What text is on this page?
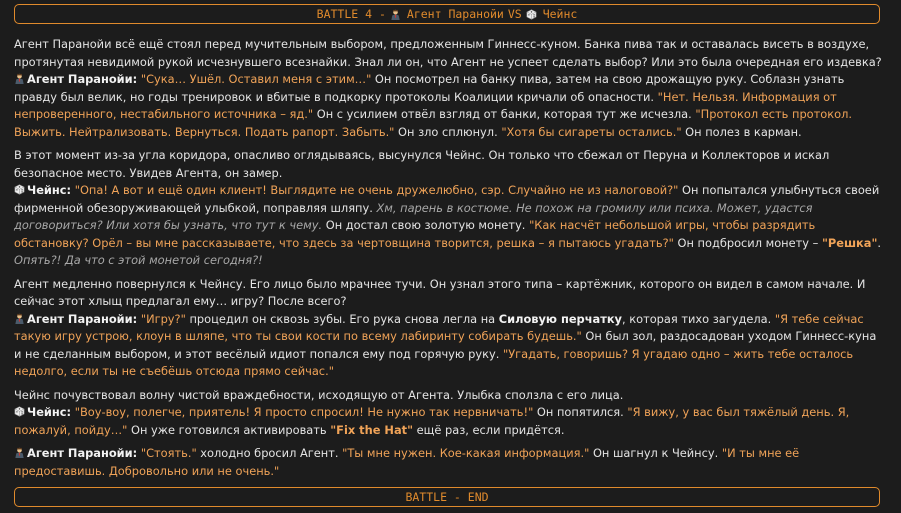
BATTLE 4 - Агент Паранойи VS Чейнс
Агент Паранойи всё ещё стоял перед мучительным выбором, предложенным Гиннесс-куном. Банка пива так и оставалась висеть в воздухе, протянутая невидимой рукой исчезнувшего всезнайки. Знал ли он, что Агент не успеет сделать выбор? Или это была очередная его издевка?
Агент Паранойи: "Сука… Ушёл. Оставил меня с этим…" Он посмотрел на банку пива, затем на свою дрожащую руку. Соблазн узнать правду был велик, но годы тренировок и вбитые в подкорку протоколы Коалиции кричали об опасности. "Нет. Нельзя. Информация от непроверенного, нестабильного источника – яд." Он с усилием отвёл взгляд от банки, которая тут же исчезла. "Протокол есть протокол. Выжить. Нейтрализовать. Вернуться. Подать рапорт. Забыть." Он зло сплюнул. "Хотя бы сигареты остались." Он полез в карман.
В этот момент из-за угла коридора, опасливо оглядываясь, высунулся Чейнс. Он только что сбежал от Перуна и Коллекторов и искал безопасное место. Увидев Агента, он замер.
Чейнс: "Опа! А вот и ещё один клиент! Выглядите не очень дружелюбно, сэр. Случайно не из налоговой?" Он попытался улыбнуться своей фирменной обезоруживающей улыбкой, поправляя шляпу. Хм, парень в костюме. Не похож на громилу или психа. Может, удастся договориться? Или хотя бы узнать, что тут к чему. Он достал свою золотую монету. "Как насчёт небольшой игры, чтобы разрядить обстановку? Орёл – вы мне рассказываете, что здесь за чертовщина творится, решка – я пытаюсь угадать?" Он подбросил монету – "Решка". Опять?! Да что с этой монетой сегодня?!
Агент медленно повернулся к Чейнсу. Его лицо было мрачнее тучи. Он узнал этого типа – картёжник, которого он видел в самом начале. И сейчас этот хлыщ предлагал ему… игру? После всего?
Агент Паранойи: "Игру?" процедил он сквозь зубы. Его рука снова легла на Силовую перчатку, которая тихо загудела. "Я тебе сейчас такую игру устрою, клоун в шляпе, что ты свои кости по всему лабиринту собирать будешь." Он был зол, раздосадован уходом Гиннесс-куна и не сделанным выбором, и этот весёлый идиот попался ему под горячую руку. "Угадать, говоришь? Я угадаю одно – жить тебе осталось недолго, если ты не съебёшь отсюда прямо сейчас."
Чейнс почувствовал волну чистой враждебности, исходящую от Агента. Улыбка сползла с его лица.
Чейнс: "Воу-воу, полегче, приятель! Я просто спросил! Не нужно так нервничать!" Он попятился. "Я вижу, у вас был тяжёлый день. Я, пожалуй, пойду…" Он уже готовился активировать "Fix the Hat" ещё раз, если придётся.
Агент Паранойи: "Стоять." холодно бросил Агент. "Ты мне нужен. Кое-какая информация." Он шагнул к Чейнсу. "И ты мне её предоставишь. Добровольно или не очень."
BATTLE - END
